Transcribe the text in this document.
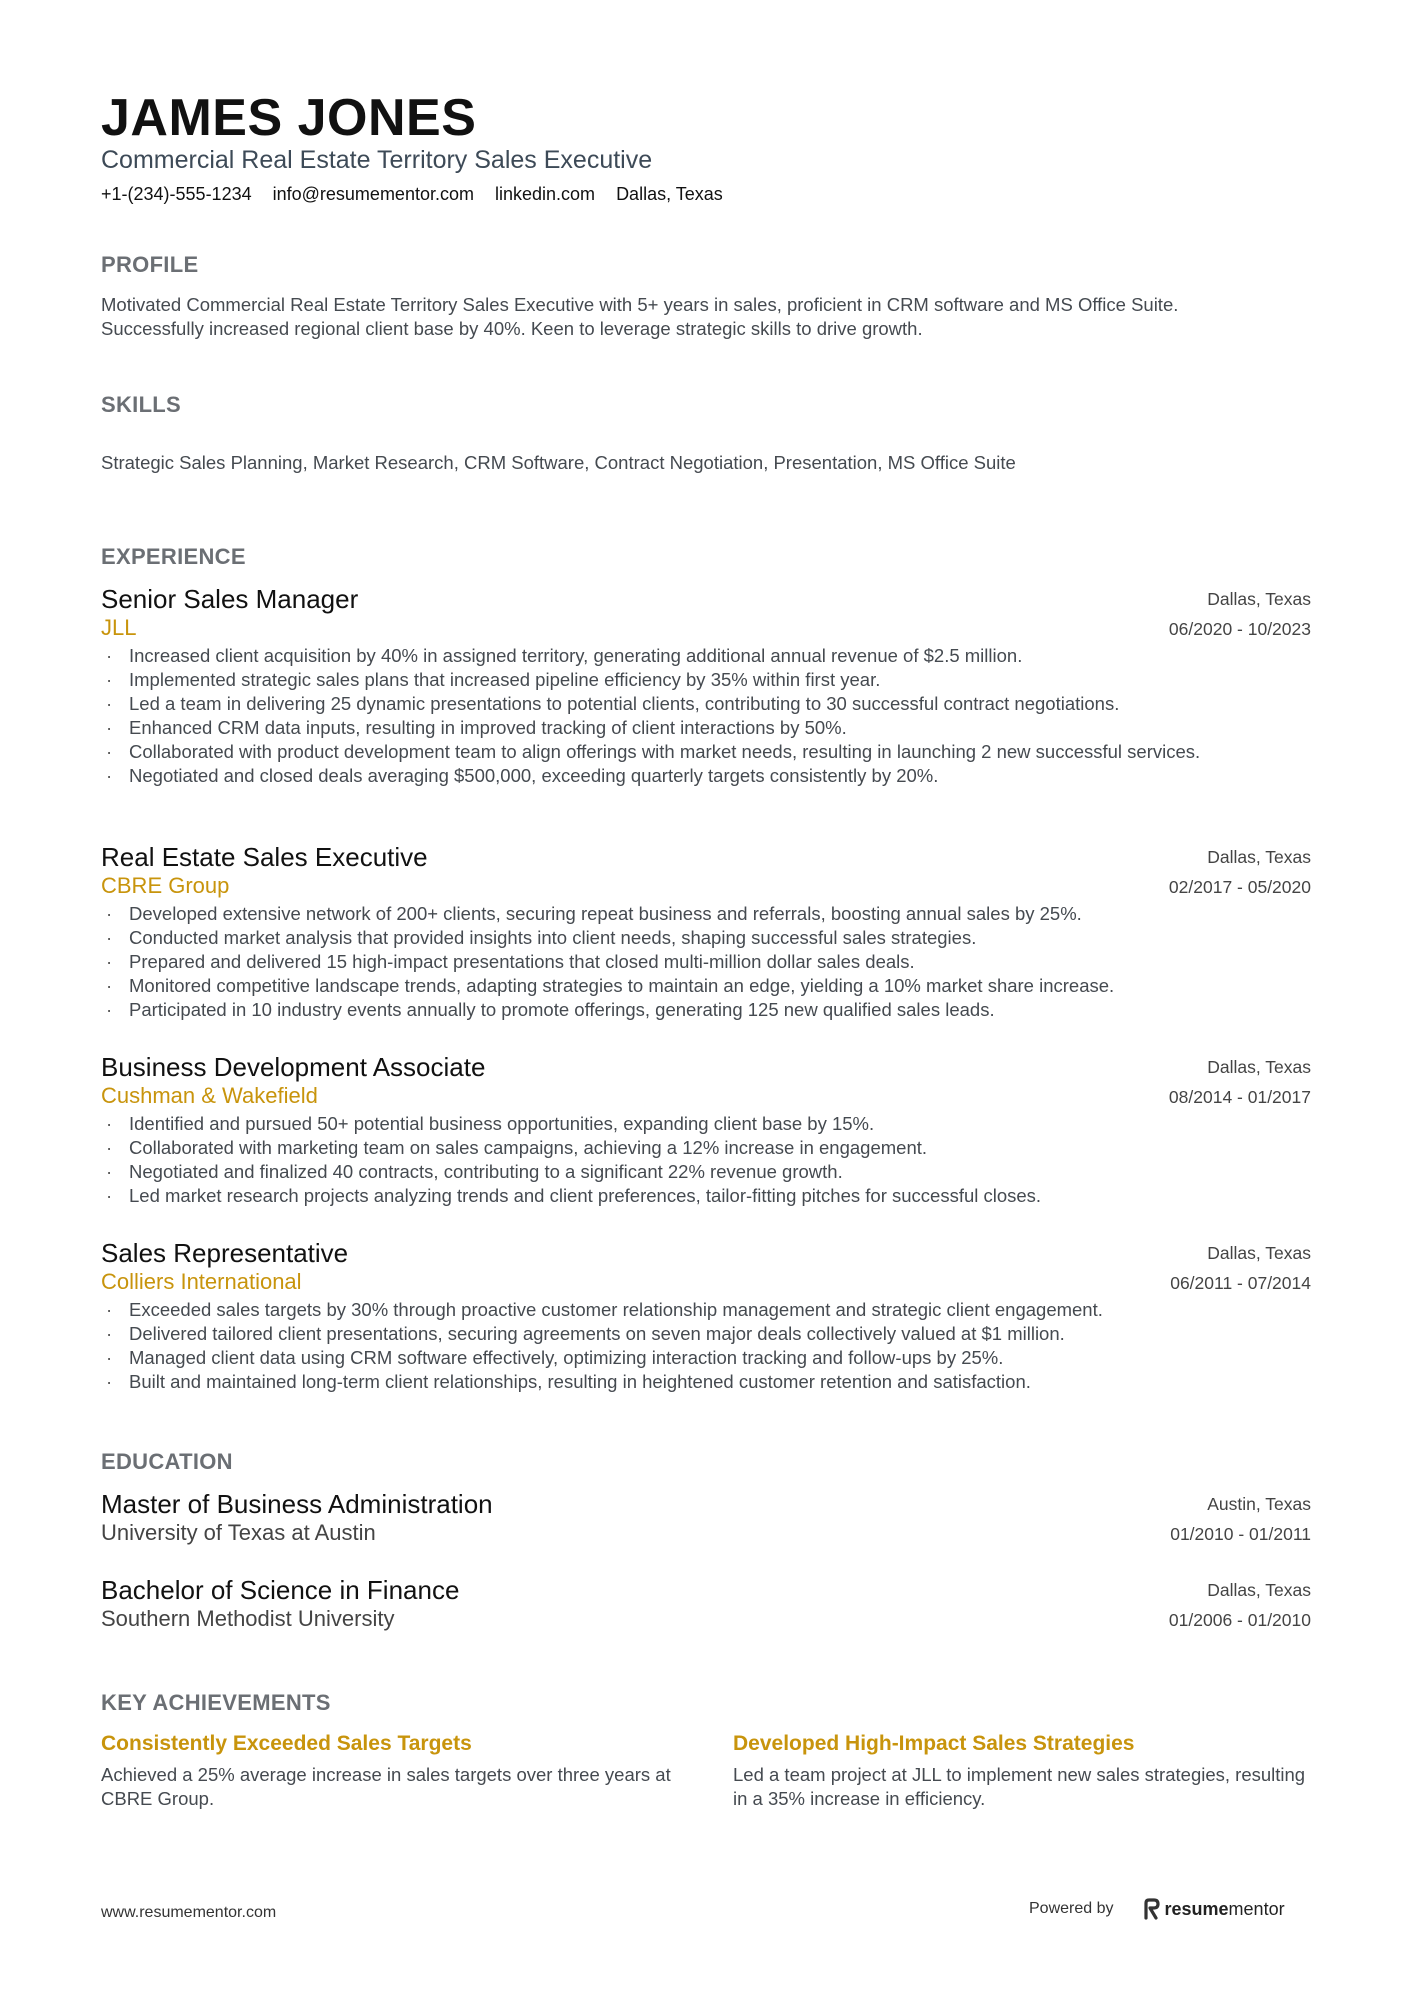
JAMES JONES
Commercial Real Estate Territory Sales Executive
+1-(234)-555-1234 info@resumementor.com linkedin.com Dallas, Texas
PROFILE
Motivated Commercial Real Estate Territory Sales Executive with 5+ years in sales, proficient in CRM software and MS Office Suite.
Successfully increased regional client base by 40%. Keen to leverage strategic skills to drive growth.
SKILLS
Strategic Sales Planning, Market Research, CRM Software, Contract Negotiation, Presentation, MS Office Suite
EXPERIENCE
Senior Sales Manager
JLL
Dallas, Texas
06/2020 - 10/2023
· Increased client acquisition by 40% in assigned territory, generating additional annual revenue of $2.5 million.
· Implemented strategic sales plans that increased pipeline efficiency by 35% within first year.
· Led a team in delivering 25 dynamic presentations to potential clients, contributing to 30 successful contract negotiations.
· Enhanced CRM data inputs, resulting in improved tracking of client interactions by 50%.
· Collaborated with product development team to align offerings with market needs, resulting in launching 2 new successful services.
· Negotiated and closed deals averaging $500,000, exceeding quarterly targets consistently by 20%.
Real Estate Sales Executive
CBRE Group
Dallas, Texas
02/2017 - 05/2020
· Developed extensive network of 200+ clients, securing repeat business and referrals, boosting annual sales by 25%.
· Conducted market analysis that provided insights into client needs, shaping successful sales strategies.
· Prepared and delivered 15 high-impact presentations that closed multi-million dollar sales deals.
· Monitored competitive landscape trends, adapting strategies to maintain an edge, yielding a 10% market share increase.
· Participated in 10 industry events annually to promote offerings, generating 125 new qualified sales leads.
Business Development Associate
Cushman & Wakefield
Dallas, Texas
08/2014 - 01/2017
· Identified and pursued 50+ potential business opportunities, expanding client base by 15%.
· Collaborated with marketing team on sales campaigns, achieving a 12% increase in engagement.
· Negotiated and finalized 40 contracts, contributing to a significant 22% revenue growth.
· Led market research projects analyzing trends and client preferences, tailor-fitting pitches for successful closes.
Sales Representative
Colliers International
Dallas, Texas
06/2011 - 07/2014
· Exceeded sales targets by 30% through proactive customer relationship management and strategic client engagement.
· Delivered tailored client presentations, securing agreements on seven major deals collectively valued at $1 million.
· Managed client data using CRM software effectively, optimizing interaction tracking and follow-ups by 25%.
· Built and maintained long-term client relationships, resulting in heightened customer retention and satisfaction.
EDUCATION
Master of Business Administration
University of Texas at Austin
Austin, Texas
01/2010 - 01/2011
Bachelor of Science in Finance
Southern Methodist University
Dallas, Texas
01/2006 - 01/2010
KEY ACHIEVEMENTS
Consistently Exceeded Sales Targets
Achieved a 25% average increase in sales targets over three years at CBRE Group.
Developed High-Impact Sales Strategies
Led a team project at JLL to implement new sales strategies, resulting in a 35% increase in efficiency.
www.resumementor.com	Powered by	resumementor
